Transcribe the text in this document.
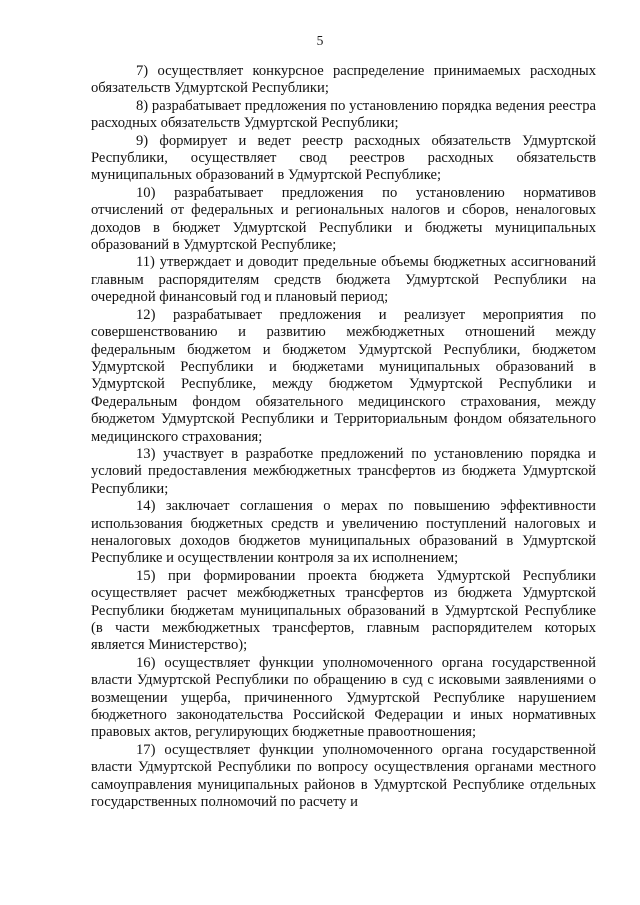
5

7) осуществляет конкурсное распределение принимаемых расходных обязательств Удмуртской Республики;

8) разрабатывает предложения по установлению порядка ведения реестра расходных обязательств Удмуртской Республики;

9) формирует и ведет реестр расходных обязательств Удмуртской Республики, осуществляет свод реестров расходных обязательств муниципальных образований в Удмуртской Республике;

10) разрабатывает предложения по установлению нормативов отчислений от федеральных и региональных налогов и сборов, неналоговых доходов в бюджет Удмуртской Республики и бюджеты муниципальных образований в Удмуртской Республике;

11) утверждает и доводит предельные объемы бюджетных ассигнований главным распорядителям средств бюджета Удмуртской Республики на очередной финансовый год и плановый период;

12) разрабатывает предложения и реализует мероприятия по совершенствованию и развитию межбюджетных отношений между федеральным бюджетом и бюджетом Удмуртской Республики, бюджетом Удмуртской Республики и бюджетами муниципальных образований в Удмуртской Республике, между бюджетом Удмуртской Республики и Федеральным фондом обязательного медицинского страхования, между бюджетом Удмуртской Республики и Территориальным фондом обязательного медицинского страхования;

13) участвует в разработке предложений по установлению порядка и условий предоставления межбюджетных трансфертов из бюджета Удмуртской Республики;

14) заключает соглашения о мерах по повышению эффективности использования бюджетных средств и увеличению поступлений налоговых и неналоговых доходов бюджетов муниципальных образований в Удмуртской Республике и осуществлении контроля за их исполнением;

15) при формировании проекта бюджета Удмуртской Республики осуществляет расчет межбюджетных трансфертов из бюджета Удмуртской Республики бюджетам муниципальных образований в Удмуртской Республике (в части межбюджетных трансфертов, главным распорядителем которых является Министерство);

16) осуществляет функции уполномоченного органа государственной власти Удмуртской Республики по обращению в суд с исковыми заявлениями о возмещении ущерба, причиненного Удмуртской Республике нарушением бюджетного законодательства Российской Федерации и иных нормативных правовых актов, регулирующих бюджетные правоотношения;

17) осуществляет функции уполномоченного органа государственной власти Удмуртской Республики по вопросу осуществления органами местного самоуправления муниципальных районов в Удмуртской Республике отдельных государственных полномочий по расчету и
